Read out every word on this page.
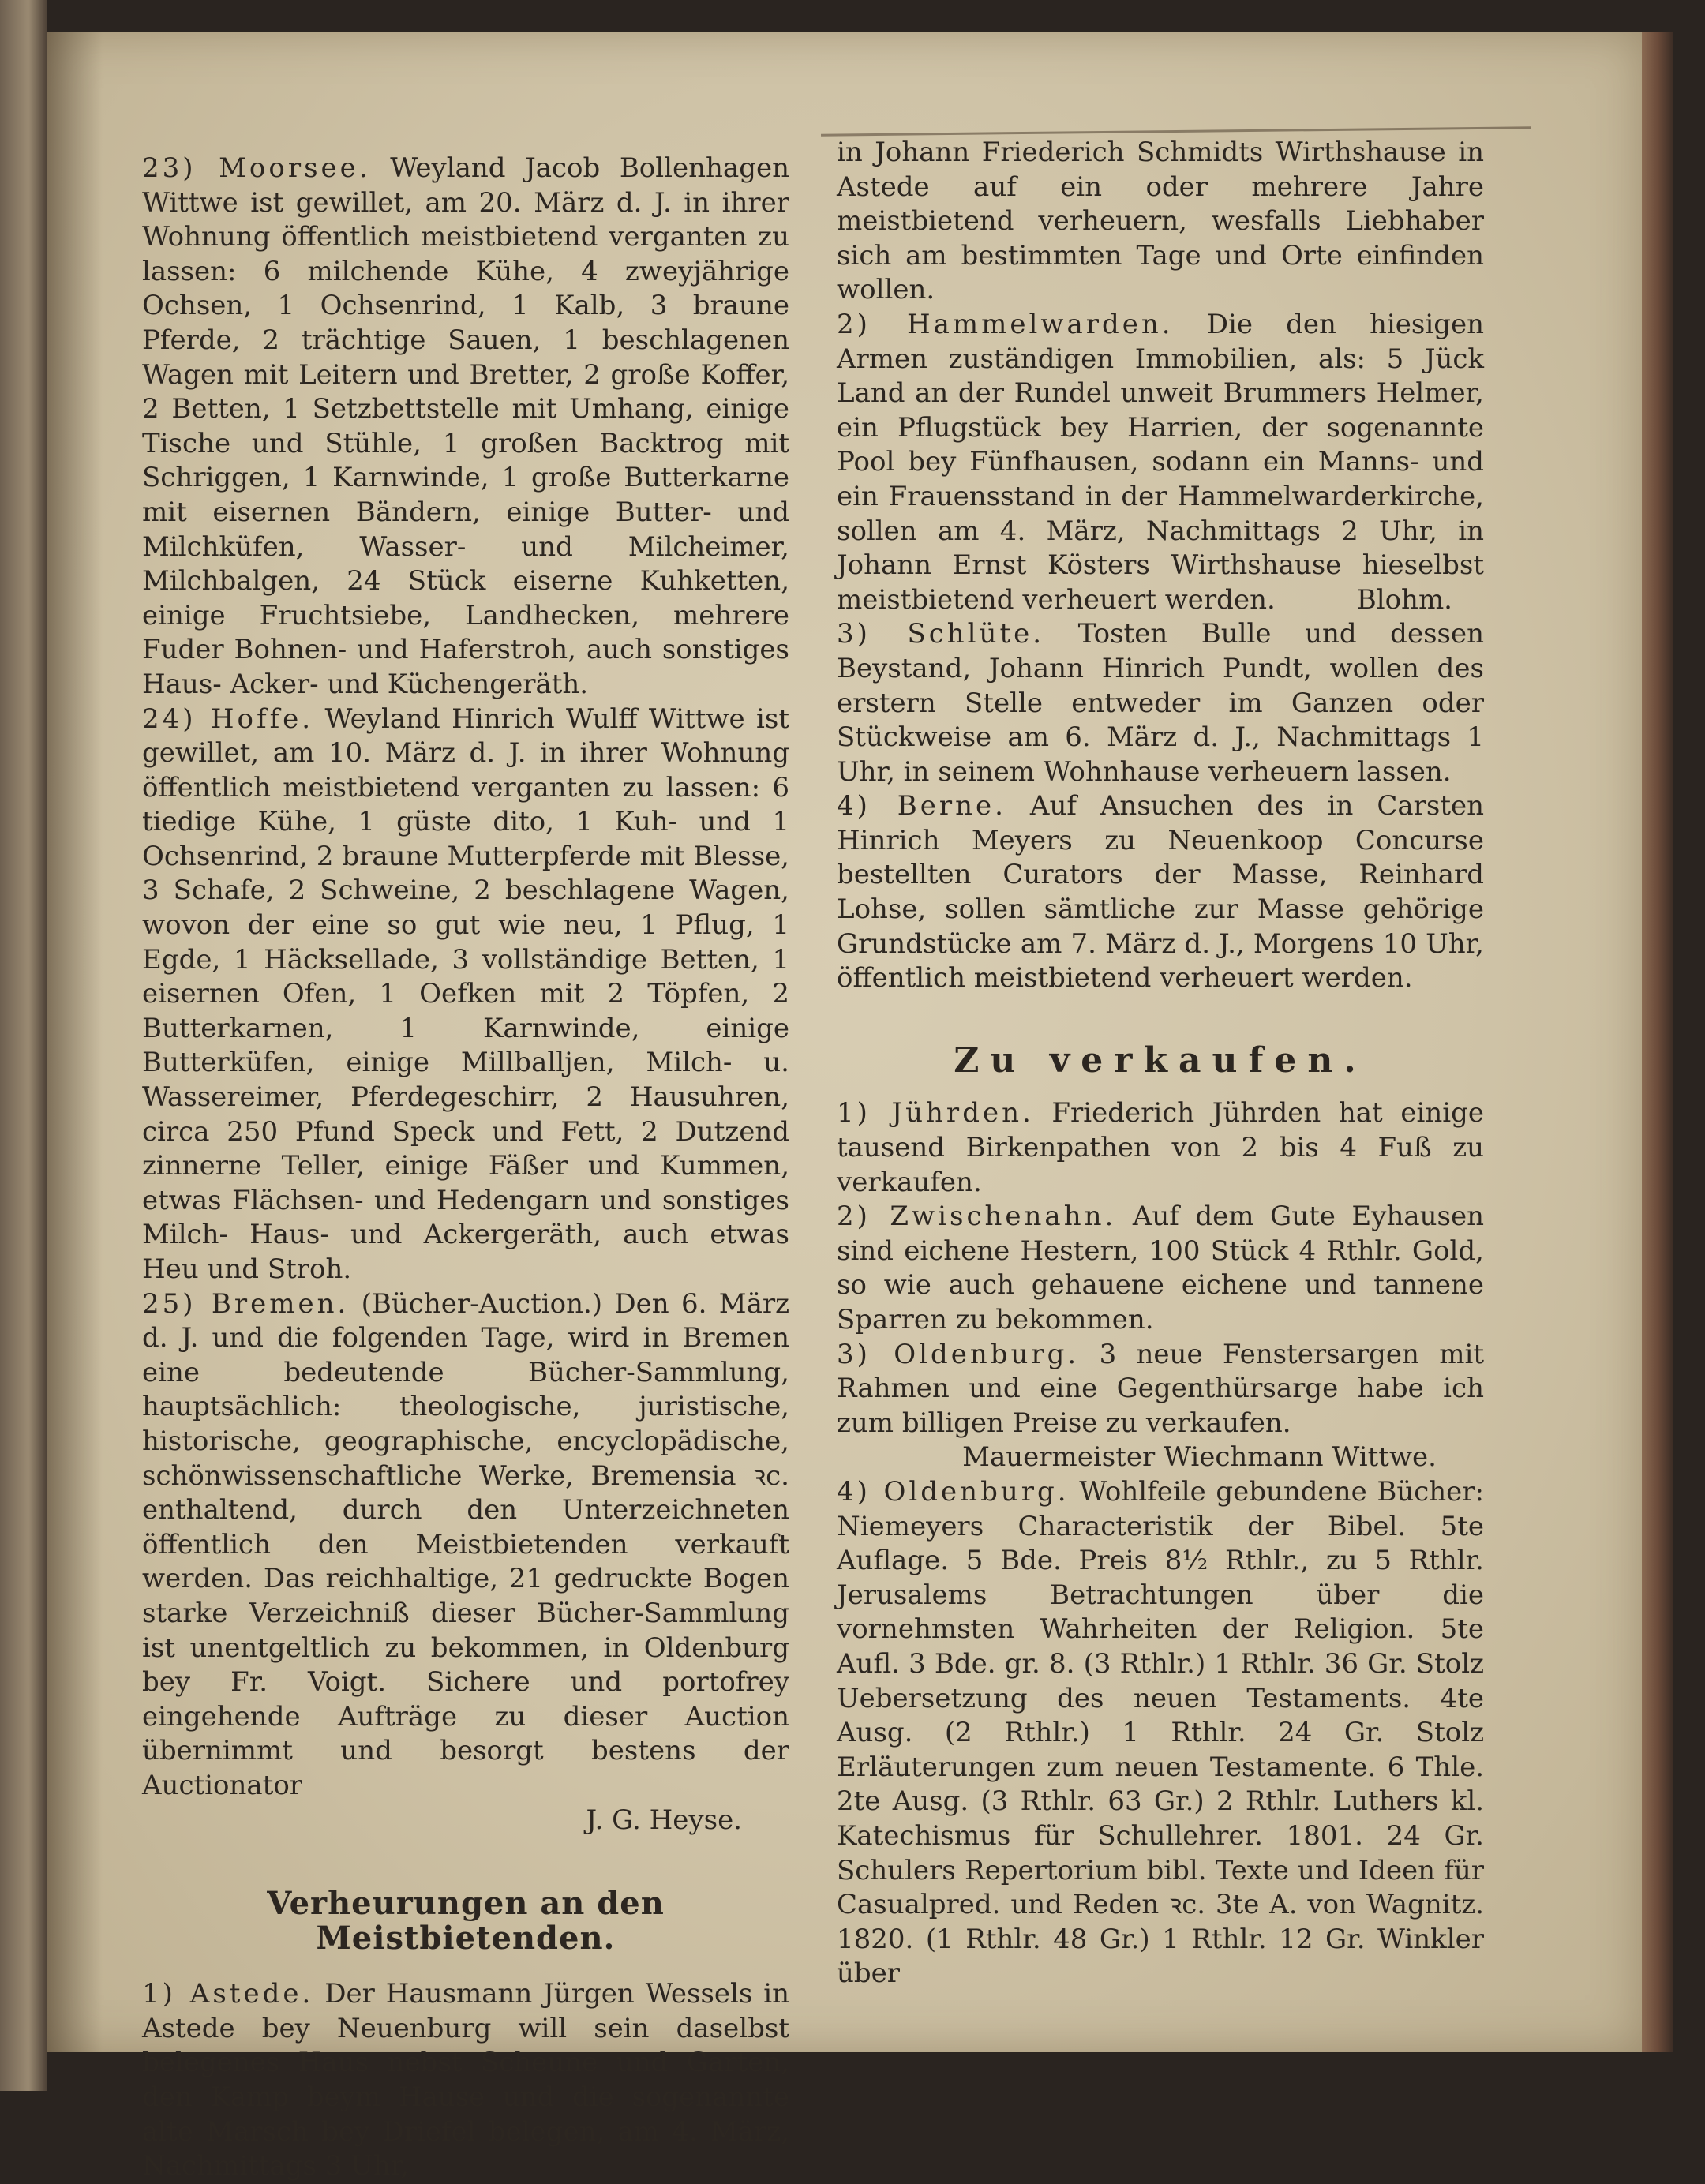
23) Moorsee. Weyland Jacob Bollenhagen Wittwe ist gewillet, am 20. März d. J. in ihrer Wohnung öffentlich meistbietend verganten zu lassen: 6 milchende Kühe, 4 zweyjährige Ochsen, 1 Ochsenrind, 1 Kalb, 3 braune Pferde, 2 trächtige Sauen, 1 beschlagenen Wagen mit Leitern und Bretter, 2 große Koffer, 2 Betten, 1 Setzbettstelle mit Umhang, einige Tische und Stühle, 1 großen Backtrog mit Schriggen, 1 Karnwinde, 1 große Butterkarne mit eisernen Bändern, einige Butter- und Milchküfen, Wasser- und Milcheimer, Milchbalgen, 24 Stück eiserne Kuhketten, einige Fruchtsiebe, Landhecken, mehrere Fuder Bohnen- und Haferstroh, auch sonstiges Haus- Acker- und Küchengeräth.

24) Hoffe. Weyland Hinrich Wulff Wittwe ist gewillet, am 10. März d. J. in ihrer Wohnung öffentlich meistbietend verganten zu lassen: 6 tiedige Kühe, 1 güste dito, 1 Kuh- und 1 Ochsenrind, 2 braune Mutterpferde mit Blesse, 3 Schafe, 2 Schweine, 2 beschlagene Wagen, wovon der eine so gut wie neu, 1 Pflug, 1 Egde, 1 Häcksellade, 3 vollständige Betten, 1 eisernen Ofen, 1 Oefken mit 2 Töpfen, 2 Butterkarnen, 1 Karnwinde, einige Butterküfen, einige Millballjen, Milch- u. Wassereimer, Pferdegeschirr, 2 Hausuhren, circa 250 Pfund Speck und Fett, 2 Dutzend zinnerne Teller, einige Fäßer und Kummen, etwas Flächsen- und Hedengarn und sonstiges Milch- Haus- und Ackergeräth, auch etwas Heu und Stroh.

25) Bremen. (Bücher-Auction.) Den 6. März d. J. und die folgenden Tage, wird in Bremen eine bedeutende Bücher-Sammlung, hauptsächlich: theologische, juristische, historische, geographische, encyclopädische, schönwissenschaftliche Werke, Bremensia ꝛc. enthaltend, durch den Unterzeichneten öffentlich den Meistbietenden verkauft werden. Das reichhaltige, 21 gedruckte Bogen starke Verzeichniß dieser Bücher-Sammlung ist unentgeltlich zu bekommen, in Oldenburg bey Fr. Voigt. Sichere und portofrey eingehende Aufträge zu dieser Auction übernimmt und besorgt bestens der Auctionator

J. G. Heyse.

Verheurungen an den Meistbietenden.

1) Astede. Der Hausmann Jürgen Wessels in Astede bey Neuenburg will sein daselbst belegenes Haus nebst Scheune und Garten, den Kamp beym Hause und die sogenannte alte Marsch bey Driefel belegen, am 4. März, Nachmittags 3 Uhr,

in Johann Friederich Schmidts Wirthshause in Astede auf ein oder mehrere Jahre meistbietend verheuern, wesfalls Liebhaber sich am bestimmten Tage und Orte einfinden wollen.

2) Hammelwarden. Die den hiesigen Armen zuständigen Immobilien, als: 5 Jück Land an der Rundel unweit Brummers Helmer, ein Pflugstück bey Harrien, der sogenannte Pool bey Fünfhausen, sodann ein Manns- und ein Frauensstand in der Hammelwarderkirche, sollen am 4. März, Nachmittags 2 Uhr, in Johann Ernst Kösters Wirthshause hieselbst meistbietend verheuert werden.	Blohm.

3) Schlüte. Tosten Bulle und dessen Beystand, Johann Hinrich Pundt, wollen des erstern Stelle entweder im Ganzen oder Stückweise am 6. März d. J., Nachmittags 1 Uhr, in seinem Wohnhause verheuern lassen.

4) Berne. Auf Ansuchen des in Carsten Hinrich Meyers zu Neuenkoop Concurse bestellten Curators der Masse, Reinhard Lohse, sollen sämtliche zur Masse gehörige Grundstücke am 7. März d. J., Morgens 10 Uhr, öffentlich meistbietend verheuert werden.

Zu verkaufen.

1) Jührden. Friederich Jührden hat einige tausend Birkenpathen von 2 bis 4 Fuß zu verkaufen.

2) Zwischenahn. Auf dem Gute Eyhausen sind eichene Hestern, 100 Stück 4 Rthlr. Gold, so wie auch gehauene eichene und tannene Sparren zu bekommen.

3) Oldenburg. 3 neue Fenstersargen mit Rahmen und eine Gegenthürsarge habe ich zum billigen Preise zu verkaufen.

Mauermeister Wiechmann Wittwe.

4) Oldenburg. Wohlfeile gebundene Bücher: Niemeyers Characteristik der Bibel. 5te Auflage. 5 Bde. Preis 8½ Rthlr., zu 5 Rthlr. Jerusalems Betrachtungen über die vornehmsten Wahrheiten der Religion. 5te Aufl. 3 Bde. gr. 8. (3 Rthlr.) 1 Rthlr. 36 Gr. Stolz Uebersetzung des neuen Testaments. 4te Ausg. (2 Rthlr.) 1 Rthlr. 24 Gr. Stolz Erläuterungen zum neuen Testamente. 6 Thle. 2te Ausg. (3 Rthlr. 63 Gr.) 2 Rthlr. Luthers kl. Katechismus für Schullehrer. 1801. 24 Gr. Schulers Repertorium bibl. Texte und Ideen für Casualpred. und Reden ꝛc. 3te A. von Wagnitz. 1820. (1 Rthlr. 48 Gr.) 1 Rthlr. 12 Gr. Winkler über
